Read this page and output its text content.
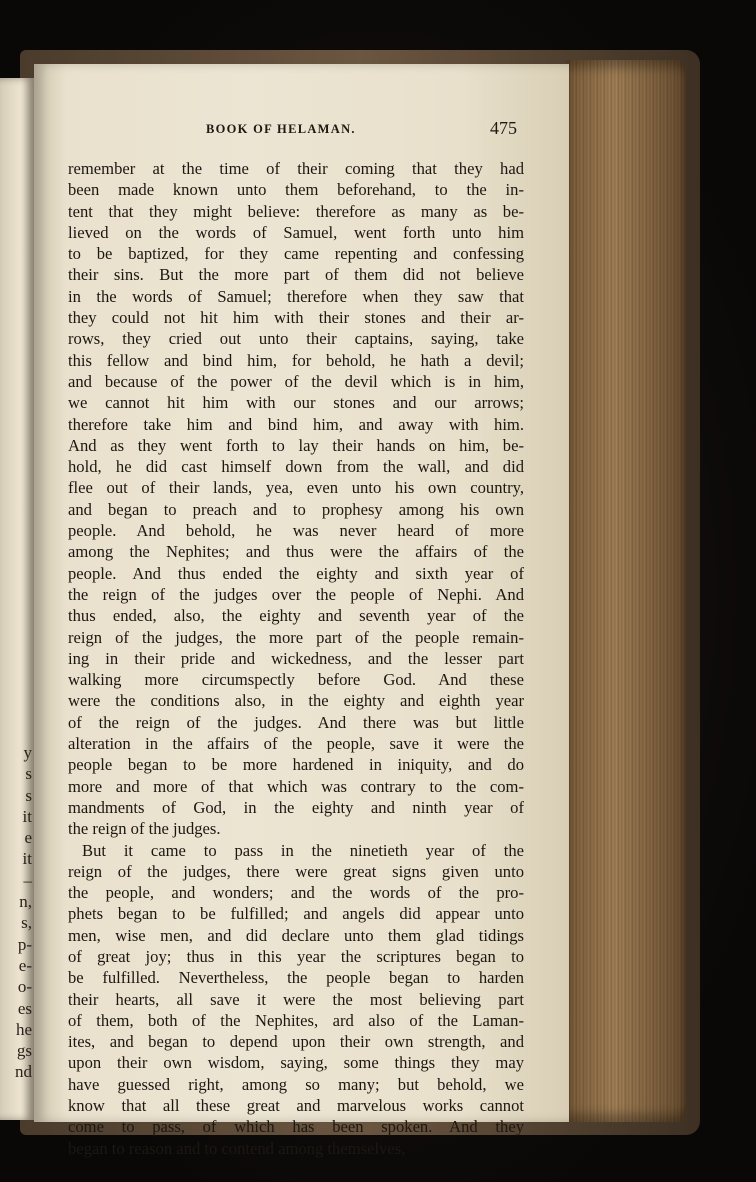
y
s
s
it
e
it
–
n,
s,
p-
e-
o-
es
he
gs
nd
BOOK OF HELAMAN.	475
remember at the time of their coming that they had
been made known unto them beforehand, to the in-
tent that they might believe: therefore as many as be-
lieved on the words of Samuel, went forth unto him
to be baptized, for they came repenting and confessing
their sins. But the more part of them did not believe
in the words of Samuel; therefore when they saw that
they could not hit him with their stones and their ar-
rows, they cried out unto their captains, saying, take
this fellow and bind him, for behold, he hath a devil;
and because of the power of the devil which is in him,
we cannot hit him with our stones and our arrows;
therefore take him and bind him, and away with him.
And as they went forth to lay their hands on him, be-
hold, he did cast himself down from the wall, and did
flee out of their lands, yea, even unto his own country,
and began to preach and to prophesy among his own
people. And behold, he was never heard of more
among the Nephites; and thus were the affairs of the
people. And thus ended the eighty and sixth year of
the reign of the judges over the people of Nephi. And
thus ended, also, the eighty and seventh year of the
reign of the judges, the more part of the people remain-
ing in their pride and wickedness, and the lesser part
walking more circumspectly before God. And these
were the conditions also, in the eighty and eighth year
of the reign of the judges. And there was but little
alteration in the affairs of the people, save it were the
people began to be more hardened in iniquity, and do
more and more of that which was contrary to the com-
mandments of God, in the eighty and ninth year of
the reign of the judges.
But it came to pass in the ninetieth year of the
reign of the judges, there were great signs given unto
the people, and wonders; and the words of the pro-
phets began to be fulfilled; and angels did appear unto
men, wise men, and did declare unto them glad tidings
of great joy; thus in this year the scriptures began to
be fulfilled. Nevertheless, the people began to harden
their hearts, all save it were the most believing part
of them, both of the Nephites, ard also of the Laman-
ites, and began to depend upon their own strength, and
upon their own wisdom, saying, some things they may
have guessed right, among so many; but behold, we
know that all these great and marvelous works cannot
come to pass, of which has been spoken. And they
began to reason and to contend among themselves,
